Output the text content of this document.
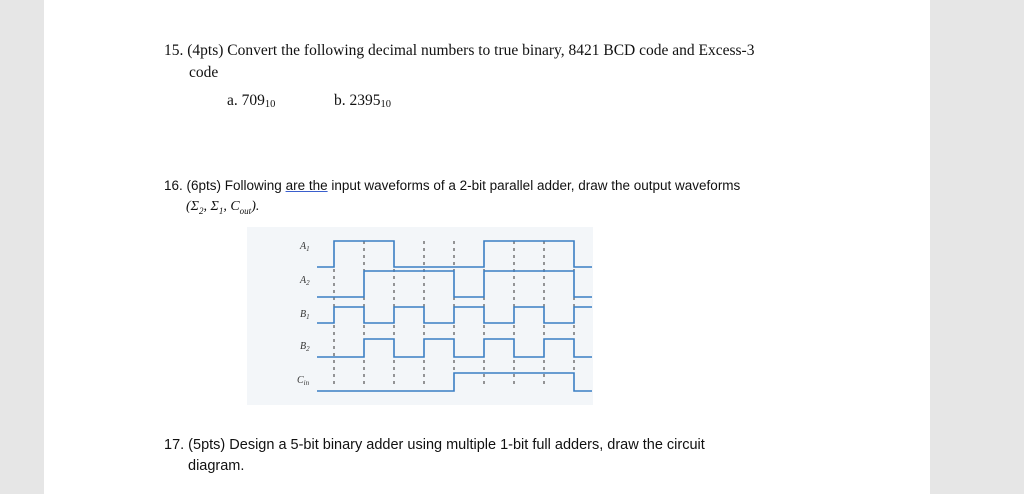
15. (4pts) Convert the following decimal numbers to true binary, 8421 BCD code and Excess-3
code
a. 70910	b. 239510
16. (6pts) Following are the input waveforms of a 2-bit parallel adder, draw the output waveforms
($\Sigma_2$, $\Sigma_1$, $C_{out}$).
$A_1$
$A_2$
$B_1$
$B_2$
$C_{in}$
17. (5pts) Design a 5-bit binary adder using multiple 1-bit full adders, draw the circuit
diagram.
